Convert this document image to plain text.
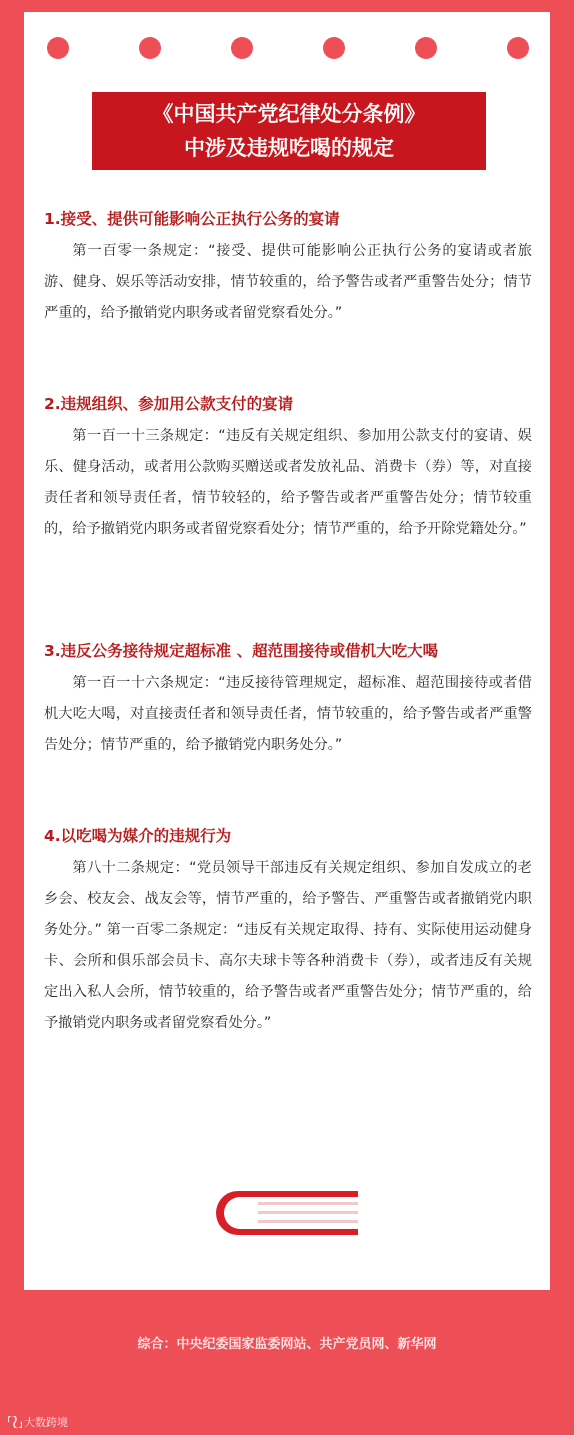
《中国共产党纪律处分条例》
中涉及违规吃喝的规定
1.接受、提供可能影响公正执行公务的宴请
第一百零一条规定：“接受、提供可能影响公正执行公务的宴请或者旅游、健身、娱乐等活动安排，情节较重的，给予警告或者严重警告处分；情节严重的，给予撤销党内职务或者留党察看处分。”
2.违规组织、参加用公款支付的宴请
第一百一十三条规定：“违反有关规定组织、参加用公款支付的宴请、娱乐、健身活动，或者用公款购买赠送或者发放礼品、消费卡（券）等，对直接责任者和领导责任者，情节较轻的，给予警告或者严重警告处分；情节较重的，给予撤销党内职务或者留党察看处分；情节严重的，给予开除党籍处分。”
3.违反公务接待规定超标准 、超范围接待或借机大吃大喝
第一百一十六条规定：“违反接待管理规定，超标准、超范围接待或者借机大吃大喝，对直接责任者和领导责任者，情节较重的，给予警告或者严重警告处分；情节严重的，给予撤销党内职务处分。”
4.以吃喝为媒介的违规行为
第八十二条规定：“党员领导干部违反有关规定组织、参加自发成立的老乡会、校友会、战友会等，情节严重的，给予警告、严重警告或者撤销党内职务处分。” 第一百零二条规定：“违反有关规定取得、持有、实际使用运动健身卡、会所和俱乐部会员卡、高尔夫球卡等各种消费卡（券），或者违反有关规定出入私人会所，情节较重的，给予警告或者严重警告处分；情节严重的，给予撤销党内职务或者留党察看处分。”
综合：中央纪委国家监委网站、共产党员网、新华网
大数跨境
